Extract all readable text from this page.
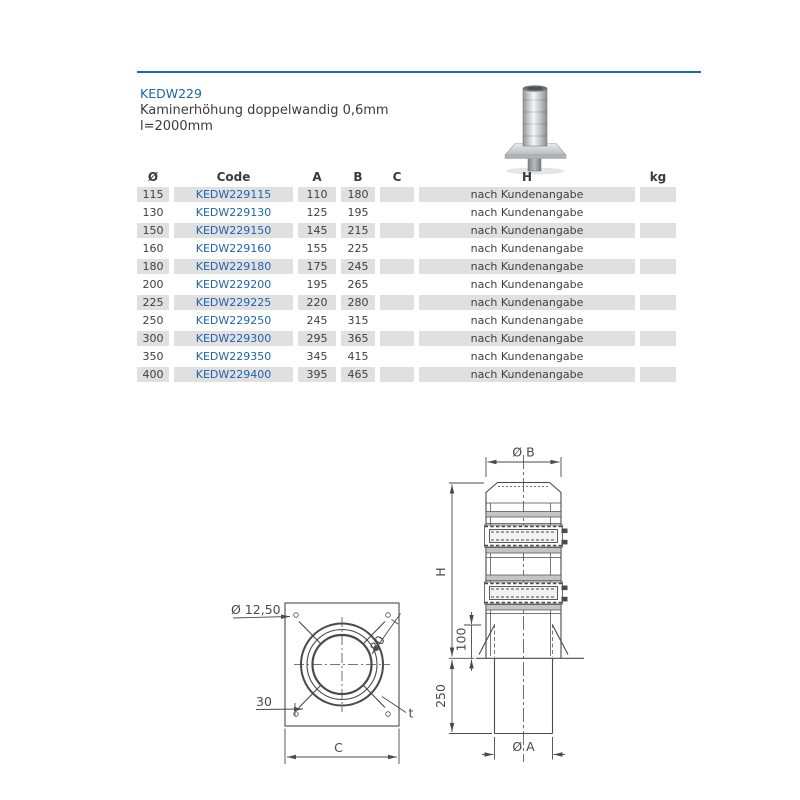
KEDW229
Kaminerhöhung doppelwandig 0,6mm
l=2000mm
Ø	Code	A	B	C	H	kg
115	KEDW229115	110	180		nach Kundenangabe	
130	KEDW229130	125	195		nach Kundenangabe	
150	KEDW229150	145	215		nach Kundenangabe	
160	KEDW229160	155	225		nach Kundenangabe	
180	KEDW229180	175	245		nach Kundenangabe	
200	KEDW229200	195	265		nach Kundenangabe	
225	KEDW229225	220	280		nach Kundenangabe	
250	KEDW229250	245	315		nach Kundenangabe	
300	KEDW229300	295	365		nach Kundenangabe	
350	KEDW229350	345	415		nach Kundenangabe	
400	KEDW229400	395	465		nach Kundenangabe	
Ø 12,50
30
80
C
t
Ø B
H
100
250
Ø A
